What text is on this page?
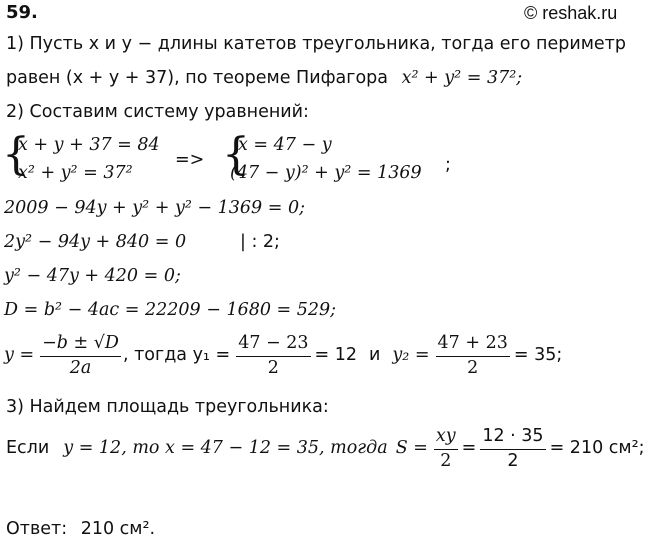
59.	© reshak.ru
1) Пусть x и y − длины катетов треугольника, тогда его периметр
равен (x + y + 37), по теореме Пифагора x² + y² = 37²;
2) Составим систему уравнений:
{
x + y + 37 = 84
x² + y² = 37²
=> {
x = 47 − y
(47 − y)² + y² = 1369 ;
2009 − 94y + y² + y² − 1369 = 0;
2y² − 94y + 840 = 0	| : 2;
y² − 47y + 420 = 0;
D = b² − 4ac = 22209 − 1680 = 529;
$y = \frac{-b \pm √D}{2a}$ , тогда $y_1 = \frac{47 - 23}{2} = 12$ и $y_2 = \frac{47 + 23}{2} = 35$;
3) Найдем площадь треугольника:
Если y = 12, то x = 47 − 12 = 35, тогда $S = \frac{xy}{2} = \frac{12 \cdot 35}{2} = 210$ см²;
Ответ: 210 см².
